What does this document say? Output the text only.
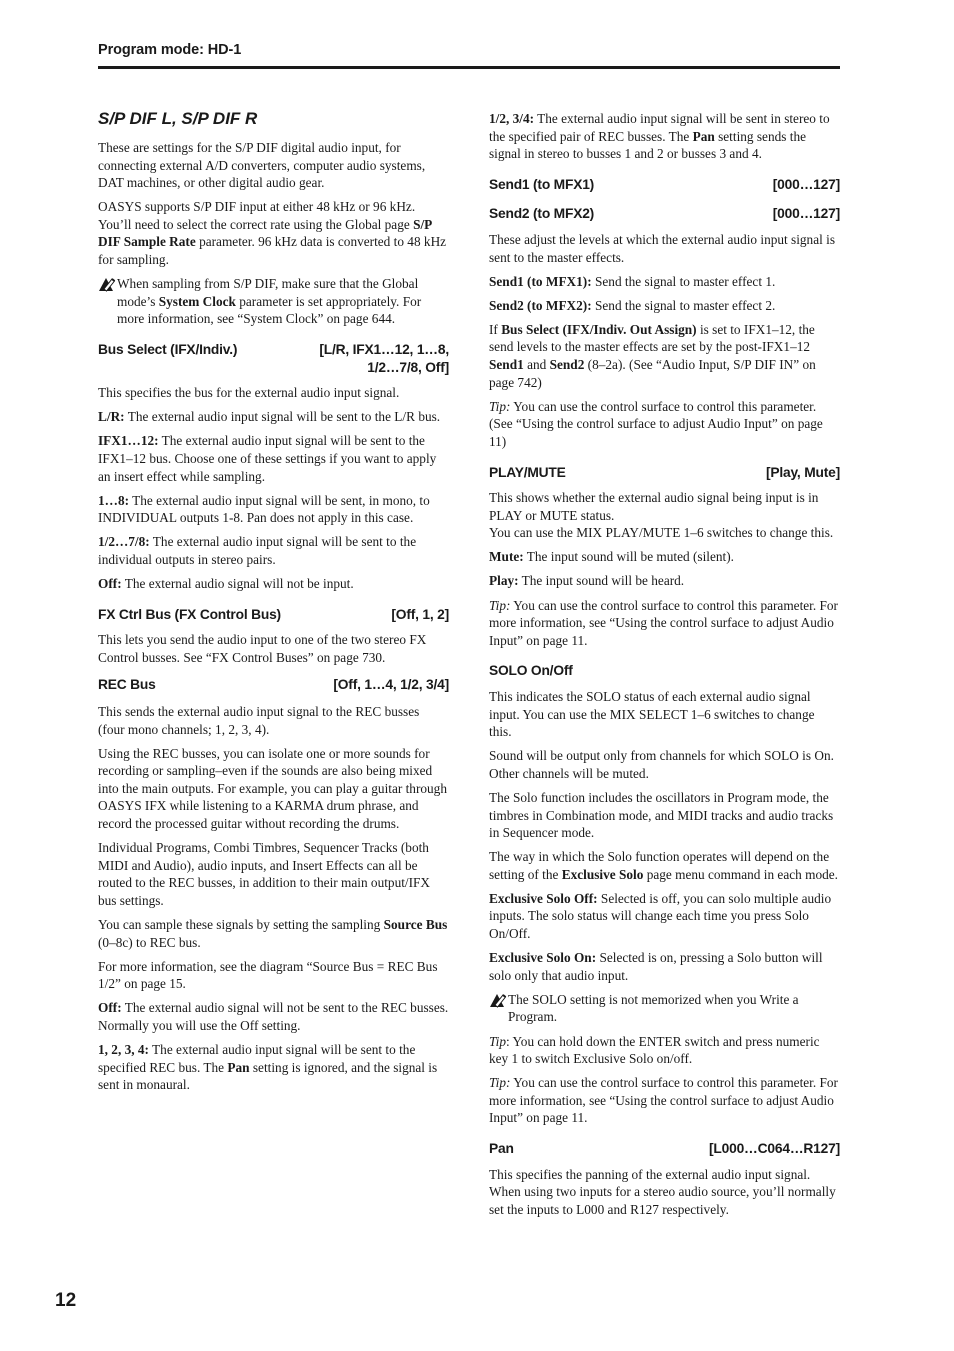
Program mode: HD-1
S/P DIF L, S/P DIF R

These are settings for the S/P DIF digital audio input, for connecting external A/D converters, computer audio systems, DAT machines, or other digital audio gear.

OASYS supports S/P DIF input at either 48 kHz or 96 kHz. You’ll need to select the correct rate using the Global page S/P DIF Sample Rate parameter. 96 kHz data is converted to 48 kHz for sampling.

When sampling from S/P DIF, make sure that the Global mode’s System Clock parameter is set appropriately. For more information, see “System Clock” on page 644.
Bus Select (IFX/Indiv.)	[L/R, IFX1…12, 1…8,
1/2…7/8, Off]

This specifies the bus for the external audio input signal.

L/R: The external audio input signal will be sent to the L/R bus.

IFX1…12: The external audio input signal will be sent to the IFX1–12 bus. Choose one of these settings if you want to apply an insert effect while sampling.

1…8: The external audio input signal will be sent, in mono, to INDIVIDUAL outputs 1-8. Pan does not apply in this case.

1/2…7/8: The external audio input signal will be sent to the individual outputs in stereo pairs.

Off: The external audio signal will not be input.

FX Ctrl Bus (FX Control Bus)	[Off, 1, 2]

This lets you send the audio input to one of the two stereo FX Control busses. See “FX Control Buses” on page 730.

REC Bus	[Off, 1…4, 1/2, 3/4]

This sends the external audio input signal to the REC busses (four mono channels; 1, 2, 3, 4).

Using the REC busses, you can isolate one or more sounds for recording or sampling–even if the sounds are also being mixed into the main outputs. For example, you can play a guitar through OASYS IFX while listening to a KARMA drum phrase, and record the processed guitar without recording the drums.

Individual Programs, Combi Timbres, Sequencer Tracks (both MIDI and Audio), audio inputs, and Insert Effects can all be routed to the REC busses, in addition to their main output/IFX bus settings.

You can sample these signals by setting the sampling Source Bus (0–8c) to REC bus.

For more information, see the diagram “Source Bus = REC Bus 1/2” on page 15.

Off: The external audio signal will not be sent to the REC busses. Normally you will use the Off setting.

1, 2, 3, 4: The external audio input signal will be sent to the specified REC bus. The Pan setting is ignored, and the signal is sent in monaural.

1/2, 3/4: The external audio input signal will be sent in stereo to the specified pair of REC busses. The Pan setting sends the signal in stereo to busses 1 and 2 or busses 3 and 4.

Send1 (to MFX1)	[000…127]
Send2 (to MFX2)	[000…127]

These adjust the levels at which the external audio input signal is sent to the master effects.

Send1 (to MFX1): Send the signal to master effect 1.

Send2 (to MFX2): Send the signal to master effect 2.

If Bus Select (IFX/Indiv. Out Assign) is set to IFX1–12, the send levels to the master effects are set by the post-IFX1–12 Send1 and Send2 (8–2a). (See “Audio Input, S/P DIF IN” on page 742)

Tip: You can use the control surface to control this parameter. (See “Using the control surface to adjust Audio Input” on page 11)

PLAY/MUTE	[Play, Mute]

This shows whether the external audio signal being input is in PLAY or MUTE status.
You can use the MIX PLAY/MUTE 1–6 switches to change this.

Mute: The input sound will be muted (silent).

Play: The input sound will be heard.

Tip: You can use the control surface to control this parameter. For more information, see “Using the control surface to adjust Audio Input” on page 11.

SOLO On/Off

This indicates the SOLO status of each external audio signal input. You can use the MIX SELECT 1–6 switches to change this.

Sound will be output only from channels for which SOLO is On. Other channels will be muted.

The Solo function includes the oscillators in Program mode, the timbres in Combination mode, and MIDI tracks and audio tracks in Sequencer mode.

The way in which the Solo function operates will depend on the setting of the Exclusive Solo page menu command in each mode.

Exclusive Solo Off: Selected is off, you can solo multiple audio inputs. The solo status will change each time you press Solo On/Off.

Exclusive Solo On: Selected is on, pressing a Solo button will solo only that audio input.

The SOLO setting is not memorized when you Write a Program.

Tip: You can hold down the ENTER switch and press numeric key 1 to switch Exclusive Solo on/off.

Tip: You can use the control surface to control this parameter. For more information, see “Using the control surface to adjust Audio Input” on page 11.

Pan	[L000…C064…R127]

This specifies the panning of the external audio input signal. When using two inputs for a stereo audio source, you’ll normally set the inputs to L000 and R127 respectively.

12
